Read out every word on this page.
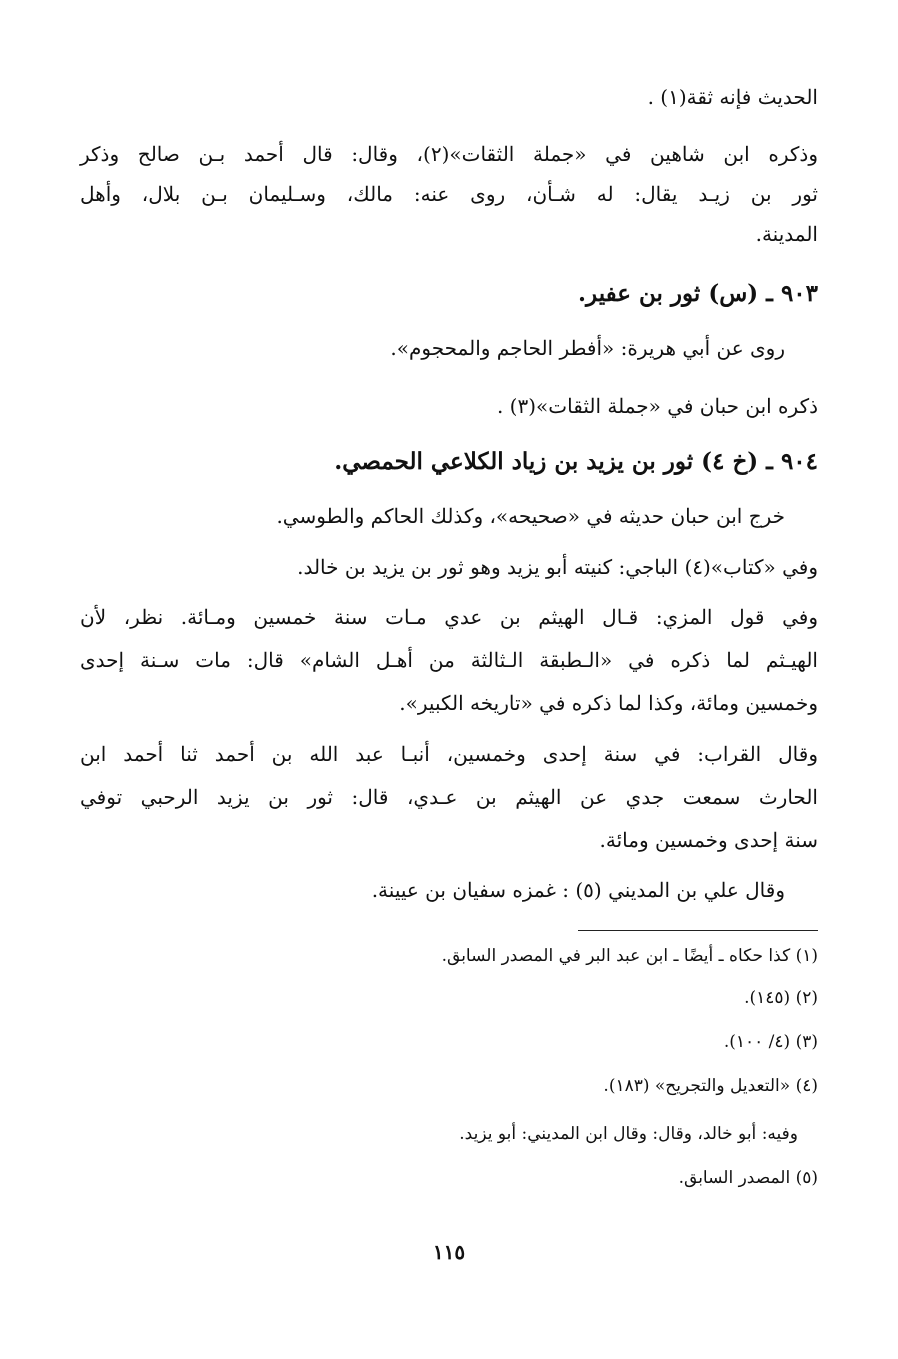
الحديث فإنه ثقة(١) .
وذكره ابن شاهين في «جملة الثقات»(٢)، وقال: قال أحمد بـن صالح وذكر
ثور بن زيـد يقال: له شـأن، روى عنه: مالك، وسـليمان بـن بلال، وأهل
المدينة.
٩٠٣ ـ (س) ثور بن عفير.
روى عن أبي هريرة: «أفطر الحاجم والمحجوم».
ذكره ابن حبان في «جملة الثقات»(٣) .
٩٠٤ ـ (خ ٤) ثور بن يزيد بن زياد الكلاعي الحمصي.
خرج ابن حبان حديثه في «صحيحه»، وكذلك الحاكم والطوسي.
وفي «كتاب»(٤) الباجي: كنيته أبو يزيد وهو ثور بن يزيد بن خالد.
وفي قول المزي: قـال الهيثم بن عدي مـات سنة خمسين ومـائة. نظر، لأن
الهيـثم لما ذكره في «الـطبقة الـثالثة من أهـل الشام» قال: مات سـنة إحدى
وخمسين ومائة، وكذا لما ذكره في «تاريخه الكبير».
وقال القراب: في سنة إحدى وخمسين، أنبـا عبد الله بن أحمد ثنا أحمد ابن
الحارث سمعت جدي عن الهيثم بن عـدي، قال: ثور بن يزيد الرحبي توفي
سنة إحدى وخمسين ومائة.
وقال علي بن المديني (٥) : غمزه سفيان بن عيينة.
(١) كذا حكاه ـ أيضًا ـ ابن عبد البر في المصدر السابق.
(٢) (١٤٥).
(٣) (٤/ ١٠٠).
(٤) «التعديل والتجريح» (١٨٣).
وفيه: أبو خالد، وقال: وقال ابن المديني: أبو يزيد.
(٥) المصدر السابق.
١١٥
